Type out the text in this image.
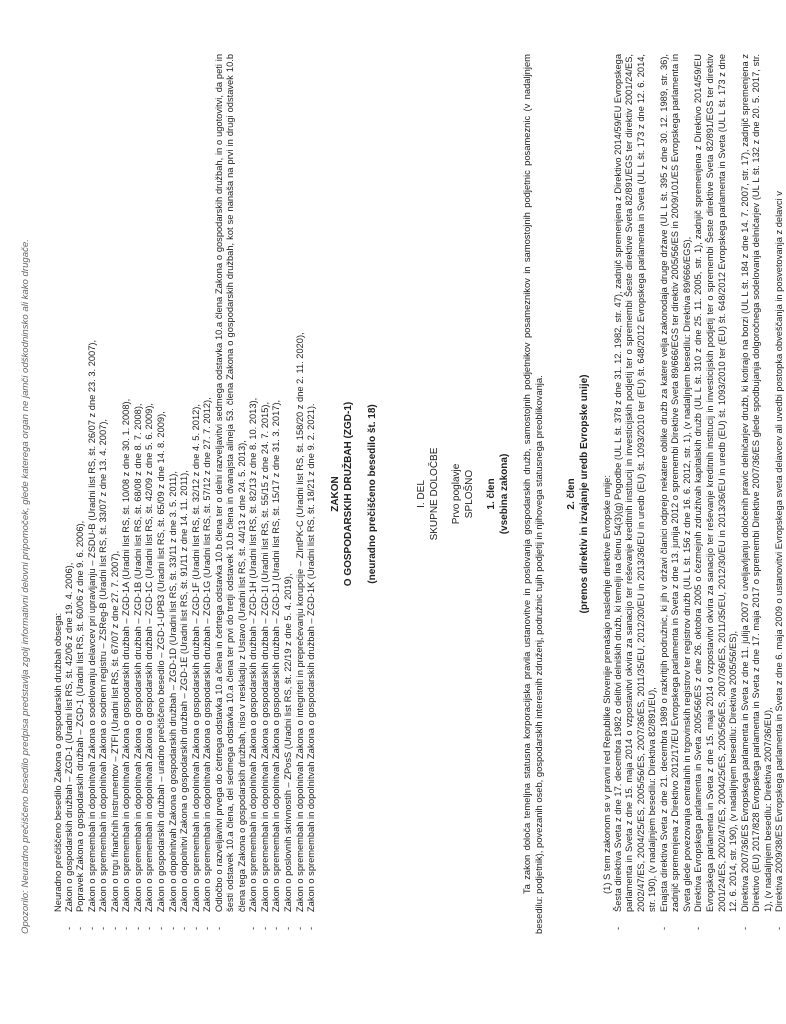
Opozorilo: Neuradno prečiščeno besedilo predpisa predstavlja zgolj informativni delovni pripomoček, glede katerega organ ne jamči odškodninsko ali kako drugače. Neuradno prečiščeno besedilo Zakona o gospodarskih družbah obsega:
-
Zakon o gospodarskih družbah – ZGD-1 (Uradni list RS, št. 42/06 z dne 19. 4. 2006),
-
Popravek Zakona o gospodarskih družbah – ZGD-1 (Uradni list RS, št. 60/06 z dne 9. 6. 2006),
-
Zakon o spremembah in dopolnitvah Zakona o sodelovanju delavcev pri upravljanju – ZSDU-B (Uradni list RS, št. 26/07 z dne 23. 3. 2007),
-
Zakon o spremembah in dopolnitvah Zakona o sodnem registru – ZSReg-B (Uradni list RS, št. 33/07 z dne 13. 4. 2007),
-
Zakon o trgu finančnih instrumentov – ZTFI (Uradni list RS, št. 67/07 z dne 27. 7. 2007),
-
Zakon o spremembah in dopolnitvah Zakona o gospodarskih družbah – ZGD-1A (Uradni list RS, št. 10/08 z dne 30. 1. 2008),
-
Zakon o spremembah in dopolnitvah Zakona o gospodarskih družbah – ZGD-1B (Uradni list RS, št. 68/08 z dne 8. 7. 2008),
-
Zakon o spremembah in dopolnitvah Zakona o gospodarskih družbah – ZGD-1C (Uradni list RS, št. 42/09 z dne 5. 6. 2009),
-
Zakon o gospodarskih družbah – uradno prečiščeno besedilo – ZGD-1-UPB3 (Uradni list RS, št. 65/09 z dne 14. 8. 2009),
-
Zakon o dopolnitvah Zakona o gospodarskih družbah – ZGD-1D (Uradni list RS, št. 33/11 z dne 3. 5. 2011),
-
Zakon o dopolnitvi Zakona o gospodarskih družbah – ZGD-1E (Uradni list RS, št. 91/11 z dne 14. 11. 2011),
-
Zakon o spremembah in dopolnitvah Zakona o gospodarskih družbah – ZGD-1F (Uradni list RS, št. 32/12 z dne 4. 5. 2012),
-
Zakon o spremembah in dopolnitvah Zakona o gospodarskih družbah – ZGD-1G (Uradni list RS, št. 57/12 z dne 27. 7. 2012),
-
Odločbo o razveljavitvi prvega do četrtega odstavka 10.a člena in četrtega odstavka 10.b člena ter o delni razveljavitvi sedmega odstavka 10.a člena Zakona o gospodarskih družbah, in o ugotovitvi, da peti in šesti odstavek 10.a člena, del sedmega odstavka 10.a člena ter prvi do tretji odstavek 10.b člena in dvanajsta alineja 53. člena Zakona o gospodarskih družbah, kot se nanaša na prvi in drugi odstavek 10.b člena tega Zakona o gospodarskih družbah, niso v neskladju z Ustavo (Uradni list RS, št. 44/13 z dne 24. 5. 2013),
-
Zakon o spremembah in dopolnitvah Zakona o gospodarskih družbah – ZGD-1H (Uradni list RS, št. 82/13 z dne 8. 10. 2013),
-
Zakon o spremembah in dopolnitvah Zakona o gospodarskih družbah – ZGD-1I (Uradni list RS, št. 55/15 z dne 24. 7. 2015),
-
Zakon o spremembah in dopolnitvah Zakona o gospodarskih družbah – ZGD-1J (Uradni list RS, št. 15/17 z dne 31. 3. 2017),
-
Zakon o poslovnih skrivnostih – ZPosS (Uradni list RS, št. 22/19 z dne 5. 4. 2019),
-
Zakon o spremembah in dopolnitvah Zakona o integriteti in preprečevanju korupcije – ZIntPK-C (Uradni list RS, št. 158/20 z dne 2. 11. 2020),
-
Zakon o spremembah in dopolnitvah Zakona o gospodarskih družbah – ZGD-1K (Uradni list RS, št. 18/21 z dne 9. 2. 2021). ZAKON O GOSPODARSKIH DRUŽBAH (ZGD-1) (neuradno prečiščeno besedilo št. 18)	I. DEL SKUPNE DOLOČBE Prvo poglavje SPLOŠNO 1. člen (vsebina zakona) Ta zakon določa temeljna statusna korporacijska pravila ustanovitve in poslovanja gospodarskih družb, samostojnih podjetnikov posameznikov in samostojnih podjetnic posameznic (v nadaljnjem besedilu: podjetnik), povezanih oseb, gospodarskih interesnih združenj, podružnic tujih podjetij in njihovega statusnega preoblikovanja. 2. člen (prenos direktiv in izvajanje uredb Evropske unije) (1) S tem zakonom se v pravni red Republike Slovenije prenašajo naslednje direktive Evropske unije:
-
Šesta direktiva Sveta z dne 17. decembra 1982 o delitvi delniških družb, ki temelji na členu 54(3)(g) Pogodbe (UL L št. 378 z dne 31. 12. 1982, str. 47), zadnjič spremenjena z Direktivo 2014/59/EU Evropskega parlamenta in Sveta z dne 15. maja 2014 o vzpostavitvi okvira za sanacijo ter reševanje kreditnih institucij in investicijskih podjetij ter o spremembi Šeste direktive Sveta 82/891/EGS ter direktiv 2001/24/ES, 2002/47/ES, 2004/25/ES, 2005/56/ES, 2007/36/ES, 2011/35/EU, 2012/30/EU in 2013/36/EU in uredb (EU) št. 1093/2010 ter (EU) št. 648/2012 Evropskega parlamenta in Sveta (UL L št. 173 z dne 12. 6. 2014, str. 190), (v nadaljnjem besedilu: Direktiva 82/891/EU),
-
Enajsta direktiva Sveta z dne 21. decembra 1989 o razkritjih podružnic, ki jih v državi članici odprejo nekatere oblike družb za katere velja zakonodaja druge države (UL L št. 395 z dne 30. 12. 1989, str. 36), zadnjič spremenjena z Direktivo 2012/17/EU Evropskega parlamenta in Sveta z dne 13. junija 2012 o spremembi Direktive Sveta 89/666/EGS ter direktiv 2005/56/ES in 2009/101/ES Evropskega parlamenta in Sveta glede povezovanja centralnih in trgovinskih registrov ter registrov družb (UL L št. 156 z dne 16. 6. 2012, str. 1), (v nadaljnjem besedilu: Direktiva 89/666/EGS),
-
Direktiva Evropskega parlamenta in Sveta 2005/56/ES z dne 26. oktobra 2005 o čezmejnih združitvah kapitalskih družb (UL L št. 310 z dne 25. 11. 2005, str. 1), zadnjič spremenjena z Direktivo 2014/59/EU Evropskega parlamenta in Sveta z dne 15. maja 2014 o vzpostavitvi okvira za sanacijo ter reševanje kreditnih institucij in investicijskih podjetij ter o spremembi Šeste direktive Sveta 82/891/EGS ter direktiv 2001/24/ES, 2002/47/ES, 2004/25/ES, 2005/56/ES, 2007/36/ES, 2011/35/EU, 2012/30/EU in 2013/36/EU in uredb (EU) št. 1093/2010 ter (EU) št. 648/2012 Evropskega parlamenta in Sveta (UL L št. 173 z dne 12. 6. 2014, str. 190), (v nadaljnjem besedilu: Direktiva 2005/56/ES),
-
Direktiva 2007/36/ES Evropskega parlamenta in Sveta z dne 11. julija 2007 o uveljavljanju določenih pravic delničarjev družb, ki kotirajo na borzi (UL L št. 184 z dne 14. 7. 2007, str. 17), zadnjič spremenjena z Direktivo (EU) 2017/828 Evropskega parlamenta in Sveta z dne 17. maja 2017 o spremembi Direktive 2007/36/ES glede spodbujanja dolgoročnega sodelovanja delničarjev (UL L št. 132 z dne 20. 5. 2017, str. 1), (v nadaljnjem besedilu: Direktiva 2007/36/EU),
-
Direktiva 2009/38/ES Evropskega parlamenta in Sveta z dne 6. maja 2009 o ustanovitvi Evropskega sveta delavcev ali uvedbi postopka obveščanja in posvetovanja z delavci v
